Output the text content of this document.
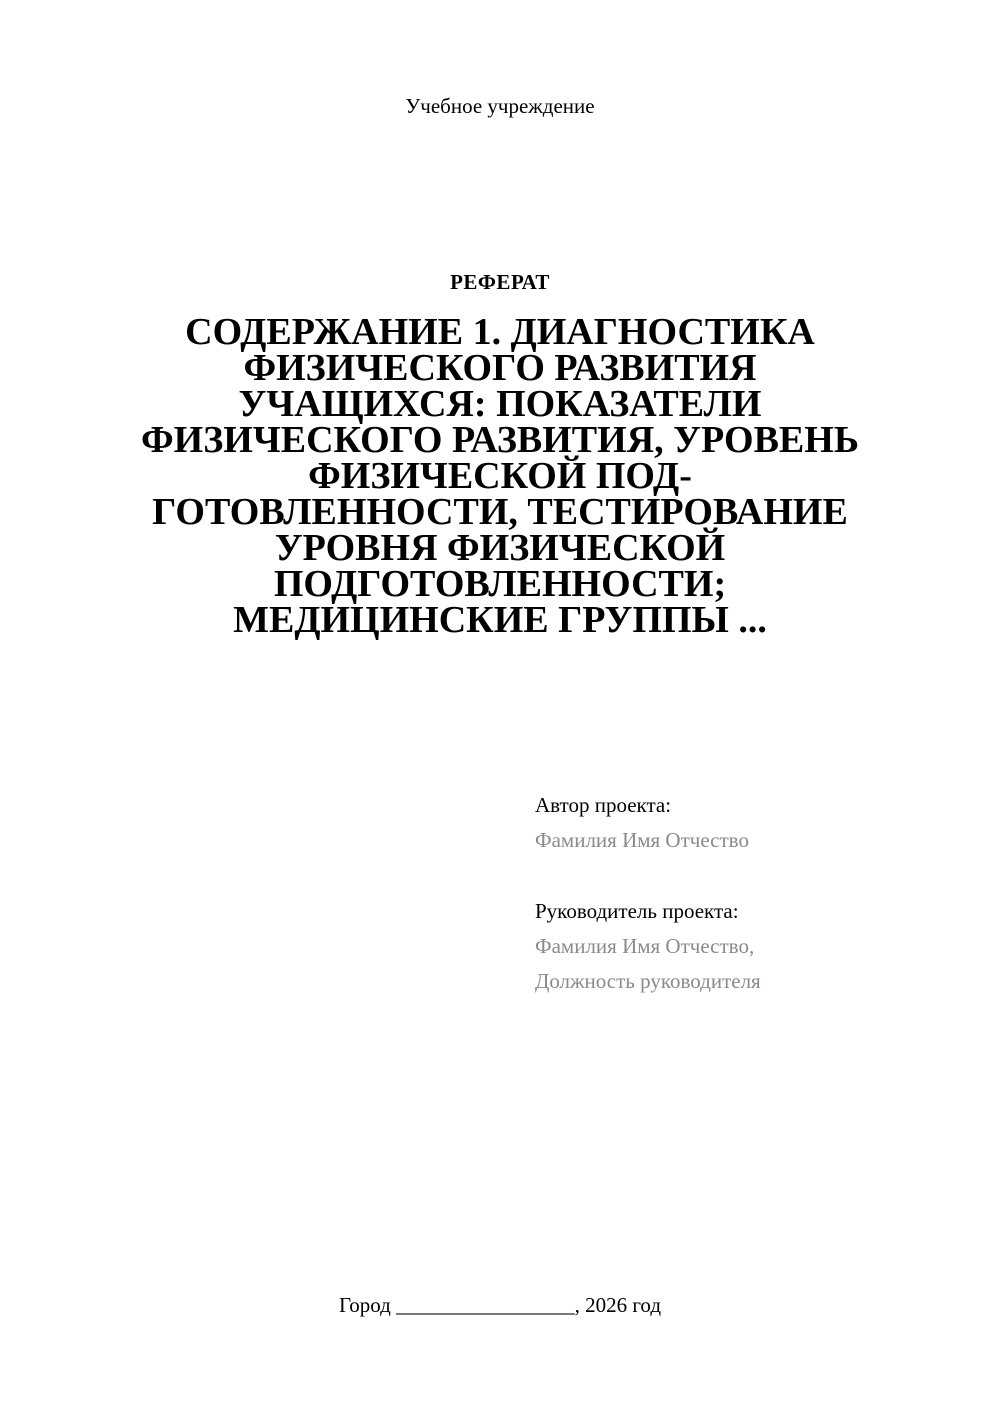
Учебное учреждение
РЕФЕРАТ
СОДЕРЖАНИЕ 1. ДИАГНОСТИКА
ФИЗИЧЕСКОГО РАЗВИТИЯ
УЧАЩИХСЯ: ПОКАЗАТЕЛИ
ФИЗИЧЕСКОГО РАЗВИТИЯ, УРОВЕНЬ
ФИЗИЧЕСКОЙ ПОД-
ГОТОВЛЕННОСТИ, ТЕСТИРОВАНИЕ
УРОВНЯ ФИЗИЧЕСКОЙ
ПОДГОТОВЛЕННОСТИ;
МЕДИЦИНСКИЕ ГРУППЫ ...
Автор проекта:
Фамилия Имя Отчество
Руководитель проекта:
Фамилия Имя Отчество,
Должность руководителя
Город _________________, 2026 год
